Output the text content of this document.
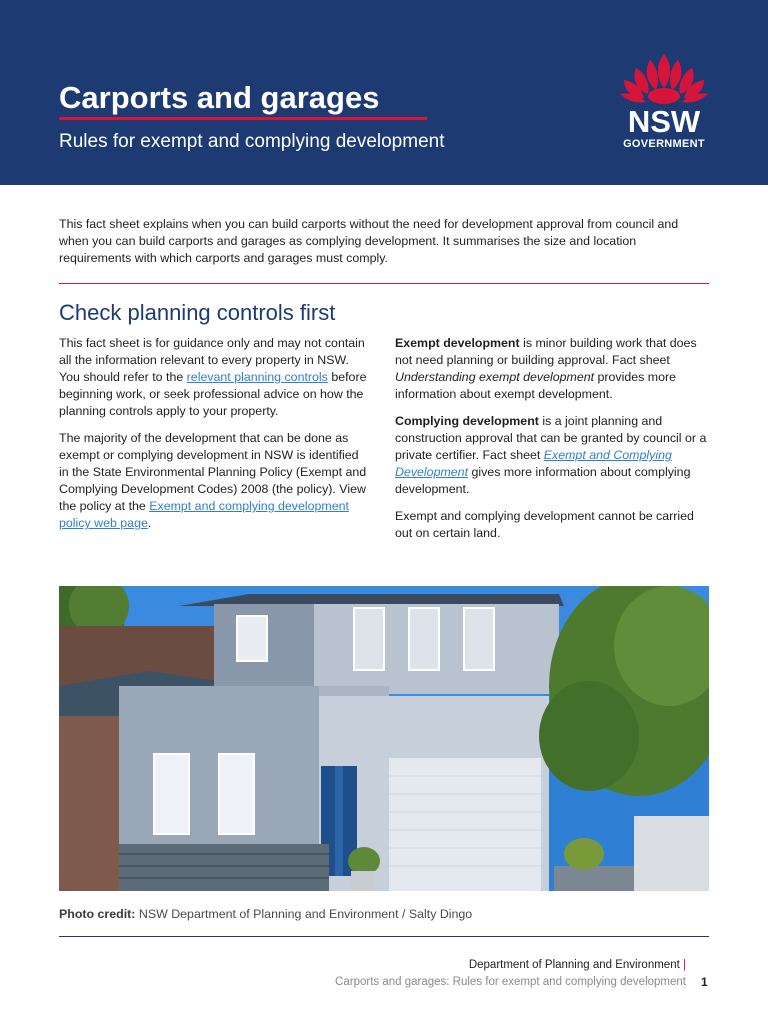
Carports and garages
Rules for exempt and complying development
NSW
GOVERNMENT
This fact sheet explains when you can build carports without the need for development approval from council and when you can build carports and garages as complying development. It summarises the size and location requirements with which carports and garages must comply.
Check planning controls first

This fact sheet is for guidance only and may not contain all the information relevant to every property in NSW. You should refer to the relevant planning controls before beginning work, or seek professional advice on how the planning controls apply to your property.

The majority of the development that can be done as exempt or complying development in NSW is identified in the State Environmental Planning Policy (Exempt and Complying Development Codes) 2008 (the policy). View the policy at the Exempt and complying development policy web page.

Exempt development is minor building work that does not need planning or building approval. Fact sheet Understanding exempt development provides more information about exempt development.

Complying development is a joint planning and construction approval that can be granted by council or a private certifier. Fact sheet Exempt and Complying Development gives more information about complying development.

Exempt and complying development cannot be carried out on certain land.

Photo credit: NSW Department of Planning and Environment / Salty Dingo
Department of Planning and Environment |
Carports and garages: Rules for exempt and complying development 1
